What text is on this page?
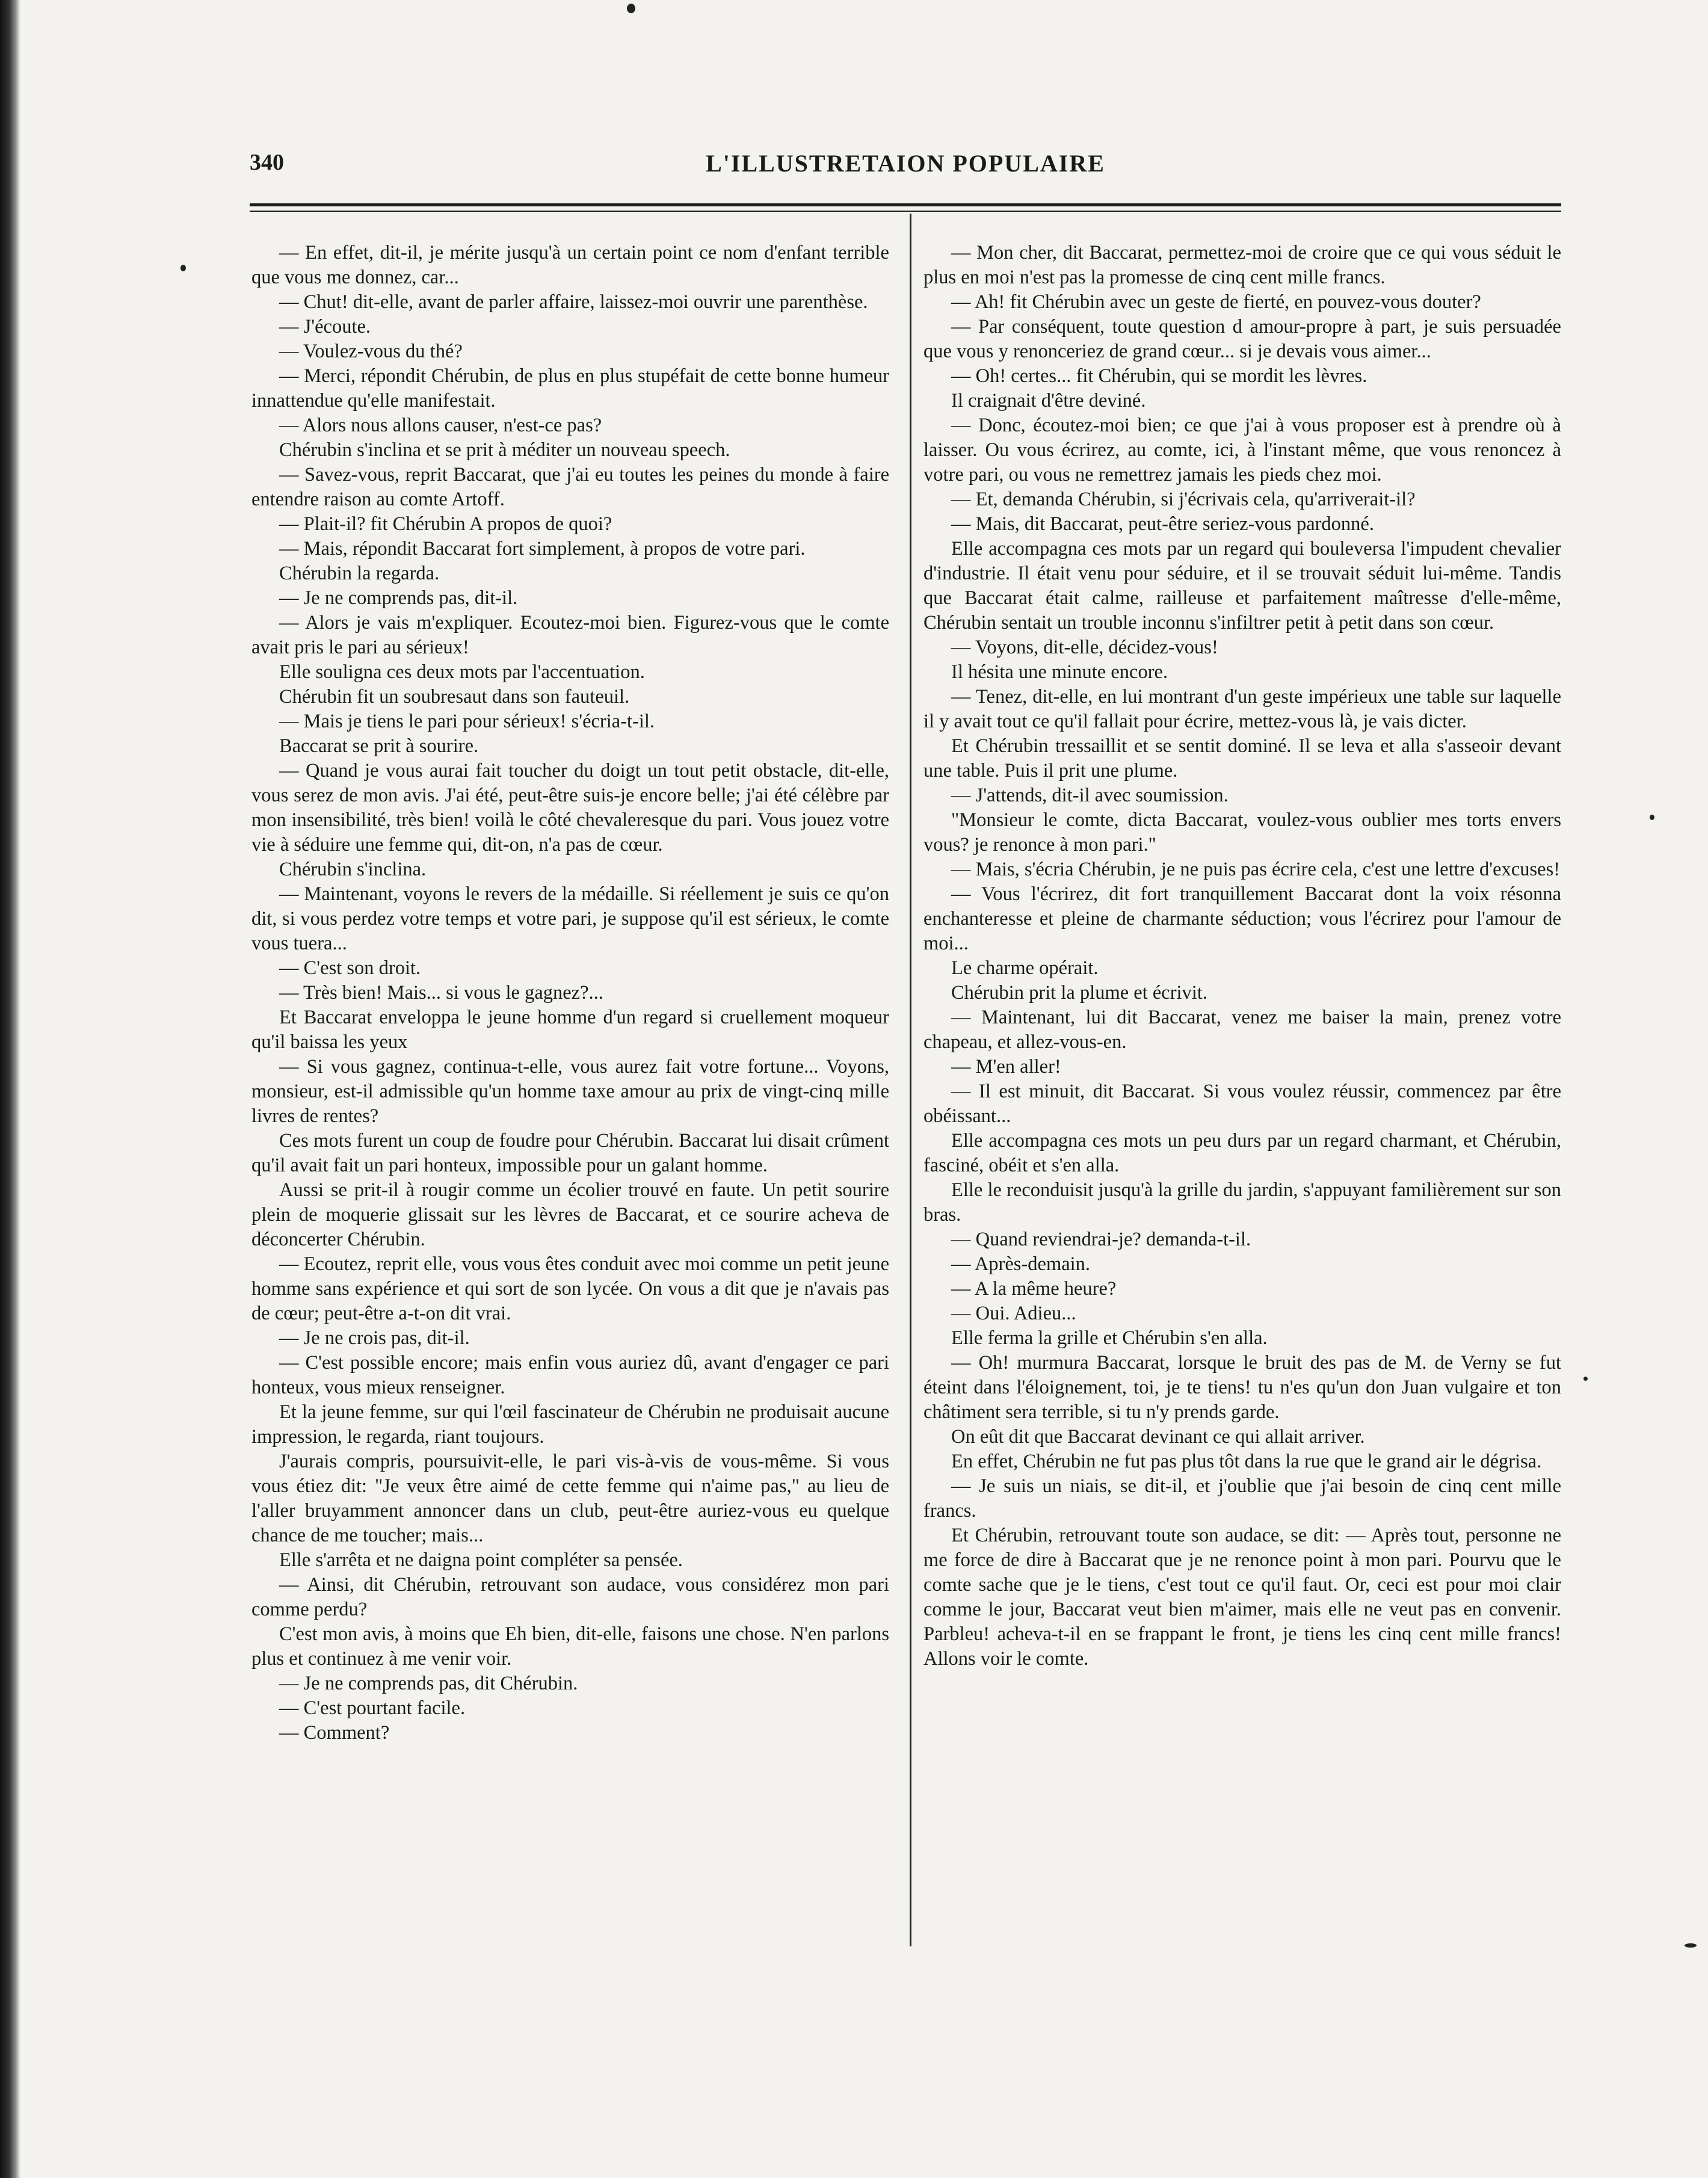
340	L'ILLUSTRETAION POPULAIRE

— En effet, dit-il, je mérite jusqu'à un certain point ce nom d'enfant terrible que vous me donnez, car...

— Chut! dit-elle, avant de parler affaire, laissez-moi ouvrir une parenthèse.

— J'écoute.

— Voulez-vous du thé?

— Merci, répondit Chérubin, de plus en plus stupéfait de cette bonne humeur innattendue qu'elle manifestait.

— Alors nous allons causer, n'est-ce pas?

Chérubin s'inclina et se prit à méditer un nouveau speech.

— Savez-vous, reprit Baccarat, que j'ai eu toutes les peines du monde à faire entendre raison au comte Artoff.

— Plait-il? fit Chérubin A propos de quoi?

— Mais, répondit Baccarat fort simplement, à propos de votre pari.

Chérubin la regarda.

— Je ne comprends pas, dit-il.

— Alors je vais m'expliquer. Ecoutez-moi bien. Figurez-vous que le comte avait pris le pari au sérieux!

Elle souligna ces deux mots par l'accentuation.

Chérubin fit un soubresaut dans son fauteuil.

— Mais je tiens le pari pour sérieux! s'écria-t-il.

Baccarat se prit à sourire.

— Quand je vous aurai fait toucher du doigt un tout petit obstacle, dit-elle, vous serez de mon avis. J'ai été, peut-être suis-je encore belle; j'ai été célèbre par mon insensibilité, très bien! voilà le côté chevaleresque du pari. Vous jouez votre vie à séduire une femme qui, dit-on, n'a pas de cœur.

Chérubin s'inclina.

— Maintenant, voyons le revers de la médaille. Si réellement je suis ce qu'on dit, si vous perdez votre temps et votre pari, je suppose qu'il est sérieux, le comte vous tuera...

— C'est son droit.

— Très bien! Mais... si vous le gagnez?...

Et Baccarat enveloppa le jeune homme d'un regard si cruellement moqueur qu'il baissa les yeux

— Si vous gagnez, continua-t-elle, vous aurez fait votre fortune... Voyons, monsieur, est-il admissible qu'un homme taxe amour au prix de vingt-cinq mille livres de rentes?

Ces mots furent un coup de foudre pour Chérubin. Baccarat lui disait crûment qu'il avait fait un pari honteux, impossible pour un galant homme.

Aussi se prit-il à rougir comme un écolier trouvé en faute. Un petit sourire plein de moquerie glissait sur les lèvres de Baccarat, et ce sourire acheva de déconcerter Chérubin.

— Ecoutez, reprit elle, vous vous êtes conduit avec moi comme un petit jeune homme sans expérience et qui sort de son lycée. On vous a dit que je n'avais pas de cœur; peut-être a-t-on dit vrai.

— Je ne crois pas, dit-il.

— C'est possible encore; mais enfin vous auriez dû, avant d'engager ce pari honteux, vous mieux renseigner.

Et la jeune femme, sur qui l'œil fascinateur de Chérubin ne produisait aucune impression, le regarda, riant toujours.

J'aurais compris, poursuivit-elle, le pari vis-à-vis de vous-même. Si vous vous étiez dit: "Je veux être aimé de cette femme qui n'aime pas," au lieu de l'aller bruyamment annoncer dans un club, peut-être auriez-vous eu quelque chance de me toucher; mais...

Elle s'arrêta et ne daigna point compléter sa pensée.

— Ainsi, dit Chérubin, retrouvant son audace, vous considérez mon pari comme perdu?

C'est mon avis, à moins que Eh bien, dit-elle, faisons une chose. N'en parlons plus et continuez à me venir voir.

— Je ne comprends pas, dit Chérubin.

— C'est pourtant facile.

— Comment?

— Mon cher, dit Baccarat, permettez-moi de croire que ce qui vous séduit le plus en moi n'est pas la promesse de cinq cent mille francs.

— Ah! fit Chérubin avec un geste de fierté, en pouvez-vous douter?

— Par conséquent, toute question d amour-propre à part, je suis persuadée que vous y renonceriez de grand cœur... si je devais vous aimer...

— Oh! certes... fit Chérubin, qui se mordit les lèvres.

Il craignait d'être deviné.

— Donc, écoutez-moi bien; ce que j'ai à vous proposer est à prendre où à laisser. Ou vous écrirez, au comte, ici, à l'instant même, que vous renoncez à votre pari, ou vous ne remettrez jamais les pieds chez moi.

— Et, demanda Chérubin, si j'écrivais cela, qu'arriverait-il?

— Mais, dit Baccarat, peut-être seriez-vous pardonné.

Elle accompagna ces mots par un regard qui bouleversa l'impudent chevalier d'industrie. Il était venu pour séduire, et il se trouvait séduit lui-même. Tandis que Baccarat était calme, railleuse et parfaitement maîtresse d'elle-même, Chérubin sentait un trouble inconnu s'infiltrer petit à petit dans son cœur.

— Voyons, dit-elle, décidez-vous!

Il hésita une minute encore.

— Tenez, dit-elle, en lui montrant d'un geste impérieux une table sur laquelle il y avait tout ce qu'il fallait pour écrire, mettez-vous là, je vais dicter.

Et Chérubin tressaillit et se sentit dominé. Il se leva et alla s'asseoir devant une table. Puis il prit une plume.

— J'attends, dit-il avec soumission.

"Monsieur le comte, dicta Baccarat, voulez-vous oublier mes torts envers vous? je renonce à mon pari."

— Mais, s'écria Chérubin, je ne puis pas écrire cela, c'est une lettre d'excuses!

— Vous l'écrirez, dit fort tranquillement Baccarat dont la voix résonna enchanteresse et pleine de charmante séduction; vous l'écrirez pour l'amour de moi...

Le charme opérait.

Chérubin prit la plume et écrivit.

— Maintenant, lui dit Baccarat, venez me baiser la main, prenez votre chapeau, et allez-vous-en.

— M'en aller!

— Il est minuit, dit Baccarat. Si vous voulez réussir, commencez par être obéissant...

Elle accompagna ces mots un peu durs par un regard charmant, et Chérubin, fasciné, obéit et s'en alla.

Elle le reconduisit jusqu'à la grille du jardin, s'appuyant familièrement sur son bras.

— Quand reviendrai-je? demanda-t-il.

— Après-demain.

— A la même heure?

— Oui. Adieu...

Elle ferma la grille et Chérubin s'en alla.

— Oh! murmura Baccarat, lorsque le bruit des pas de M. de Verny se fut éteint dans l'éloignement, toi, je te tiens! tu n'es qu'un don Juan vulgaire et ton châtiment sera terrible, si tu n'y prends garde.

On eût dit que Baccarat devinant ce qui allait arriver.

En effet, Chérubin ne fut pas plus tôt dans la rue que le grand air le dégrisa.

— Je suis un niais, se dit-il, et j'oublie que j'ai besoin de cinq cent mille francs.

Et Chérubin, retrouvant toute son audace, se dit: — Après tout, personne ne me force de dire à Baccarat que je ne renonce point à mon pari. Pourvu que le comte sache que je le tiens, c'est tout ce qu'il faut. Or, ceci est pour moi clair comme le jour, Baccarat veut bien m'aimer, mais elle ne veut pas en convenir. Parbleu! acheva-t-il en se frappant le front, je tiens les cinq cent mille francs! Allons voir le comte.
